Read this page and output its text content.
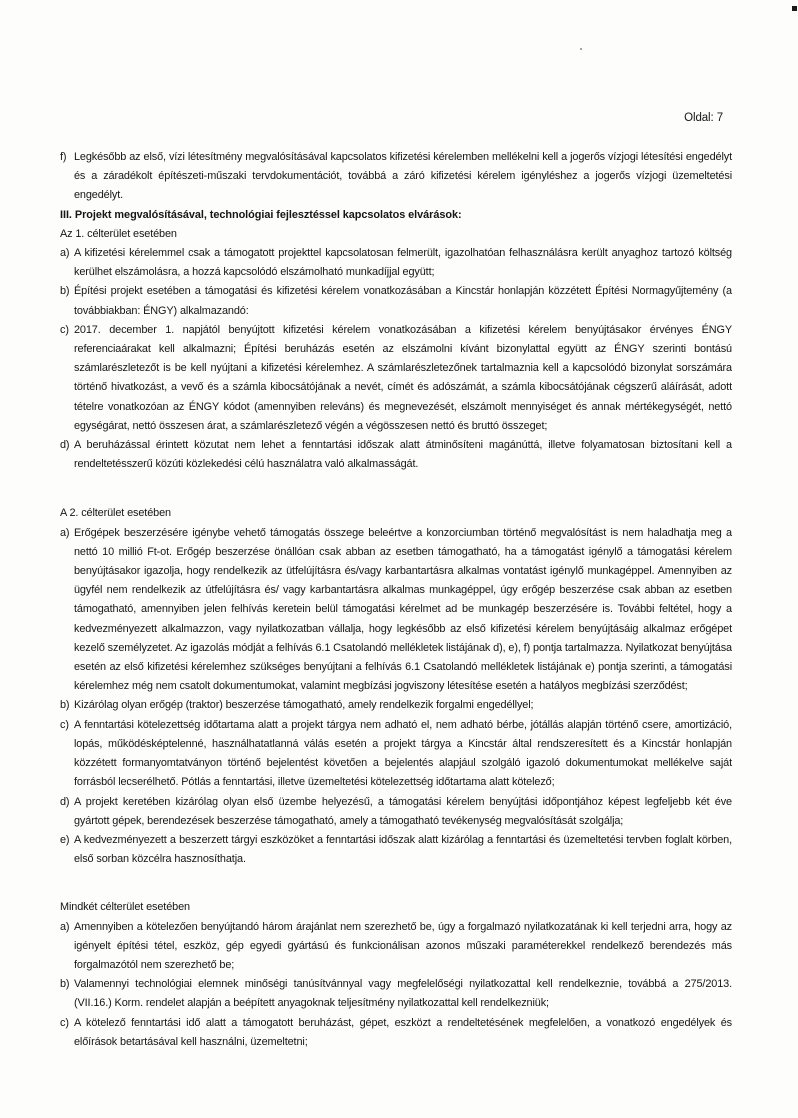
Oldal: 7
f) Legkésőbb az első, vízi létesítmény megvalósításával kapcsolatos kifizetési kérelemben mellékelni kell a jogerős vízjogi létesítési engedélyt és a záradékolt építészeti-műszaki tervdokumentációt, továbbá a záró kifizetési kérelem igényléshez a jogerős vízjogi üzemeltetési engedélyt.
III. Projekt megvalósításával, technológiai fejlesztéssel kapcsolatos elvárások:
Az 1. célterület esetében
a) A kifizetési kérelemmel csak a támogatott projekttel kapcsolatosan felmerült, igazolhatóan felhasználásra került anyaghoz tartozó költség kerülhet elszámolásra, a hozzá kapcsolódó elszámolható munkadíjjal együtt;
b) Építési projekt esetében a támogatási és kifizetési kérelem vonatkozásában a Kincstár honlapján közzétett Építési Normagyűjtemény (a továbbiakban: ÉNGY) alkalmazandó:
c) 2017. december 1. napjától benyújtott kifizetési kérelem vonatkozásában a kifizetési kérelem benyújtásakor érvényes ÉNGY referenciaárakat kell alkalmazni; Építési beruházás esetén az elszámolni kívánt bizonylattal együtt az ÉNGY szerinti bontású számlarészletezőt is be kell nyújtani a kifizetési kérelemhez. A számlarészletezőnek tartalmaznia kell a kapcsolódó bizonylat sorszámára történő hivatkozást, a vevő és a számla kibocsátójának a nevét, címét és adószámát, a számla kibocsátójának cégszerű aláírását, adott tételre vonatkozóan az ÉNGY kódot (amennyiben releváns) és megnevezését, elszámolt mennyiséget és annak mértékegységét, nettó egységárat, nettó összesen árat, a számlarészletező végén a végösszesen nettó és bruttó összeget;
d) A beruházással érintett közutat nem lehet a fenntartási időszak alatt átminősíteni magánúttá, illetve folyamatosan biztosítani kell a rendeltetésszerű közúti közlekedési célú használatra való alkalmasságát.
A 2. célterület esetében
a) Erőgépek beszerzésére igénybe vehető támogatás összege beleértve a konzorciumban történő megvalósítást is nem haladhatja meg a nettó 10 millió Ft-ot. Erőgép beszerzése önállóan csak abban az esetben támogatható, ha a támogatást igénylő a támogatási kérelem benyújtásakor igazolja, hogy rendelkezik az ütfelújításra és/vagy karbantartásra alkalmas vontatást igénylő munkagéppel. Amennyiben az ügyfél nem rendelkezik az útfelújításra és/ vagy karbantartásra alkalmas munkagéppel, úgy erőgép beszerzése csak abban az esetben támogatható, amennyiben jelen felhívás keretein belül támogatási kérelmet ad be munkagép beszerzésére is. További feltétel, hogy a kedvezményezett alkalmazzon, vagy nyilatkozatban vállalja, hogy legkésőbb az első kifizetési kérelem benyújtásáig alkalmaz erőgépet kezelő személyzetet. Az igazolás módját a felhívás 6.1 Csatolandó mellékletek listájának d), e), f) pontja tartalmazza. Nyilatkozat benyújtása esetén az első kifizetési kérelemhez szükséges benyújtani a felhívás 6.1 Csatolandó mellékletek listájának e) pontja szerinti, a támogatási kérelemhez még nem csatolt dokumentumokat, valamint megbízási jogviszony létesítése esetén a hatályos megbízási szerződést;
b) Kizárólag olyan erőgép (traktor) beszerzése támogatható, amely rendelkezik forgalmi engedéllyel;
c) A fenntartási kötelezettség időtartama alatt a projekt tárgya nem adható el, nem adható bérbe, jótállás alapján történő csere, amortizáció, lopás, működésképtelenné, használhatatlanná válás esetén a projekt tárgya a Kincstár által rendszeresített és a Kincstár honlapján közzétett formanyomtatványon történő bejelentést követően a bejelentés alapjául szolgáló igazoló dokumentumokat mellékelve saját forrásból lecserélhető. Pótlás a fenntartási, illetve üzemeltetési kötelezettség időtartama alatt kötelező;
d) A projekt keretében kizárólag olyan első üzembe helyezésű, a támogatási kérelem benyújtási időpontjához képest legfeljebb két éve gyártott gépek, berendezések beszerzése támogatható, amely a támogatható tevékenység megvalósítását szolgálja;
e) A kedvezményezett a beszerzett tárgyi eszközöket a fenntartási időszak alatt kizárólag a fenntartási és üzemeltetési tervben foglalt körben, első sorban közcélra hasznosíthatja.
Mindkét célterület esetében
a) Amennyiben a kötelezően benyújtandó három árajánlat nem szerezhető be, úgy a forgalmazó nyilatkozatának ki kell terjedni arra, hogy az igényelt építési tétel, eszköz, gép egyedi gyártású és funkcionálisan azonos műszaki paraméterekkel rendelkező berendezés más forgalmazótól nem szerezhető be;
b) Valamennyi technológiai elemnek minőségi tanúsítvánnyal vagy megfelelőségi nyilatkozattal kell rendelkeznie, továbbá a 275/2013. (VII.16.) Korm. rendelet alapján a beépített anyagoknak teljesítmény nyilatkozattal kell rendelkezniük;
c) A kötelező fenntartási idő alatt a támogatott beruházást, gépet, eszközt a rendeltetésének megfelelően, a vonatkozó engedélyek és előírások betartásával kell használni, üzemeltetni;
